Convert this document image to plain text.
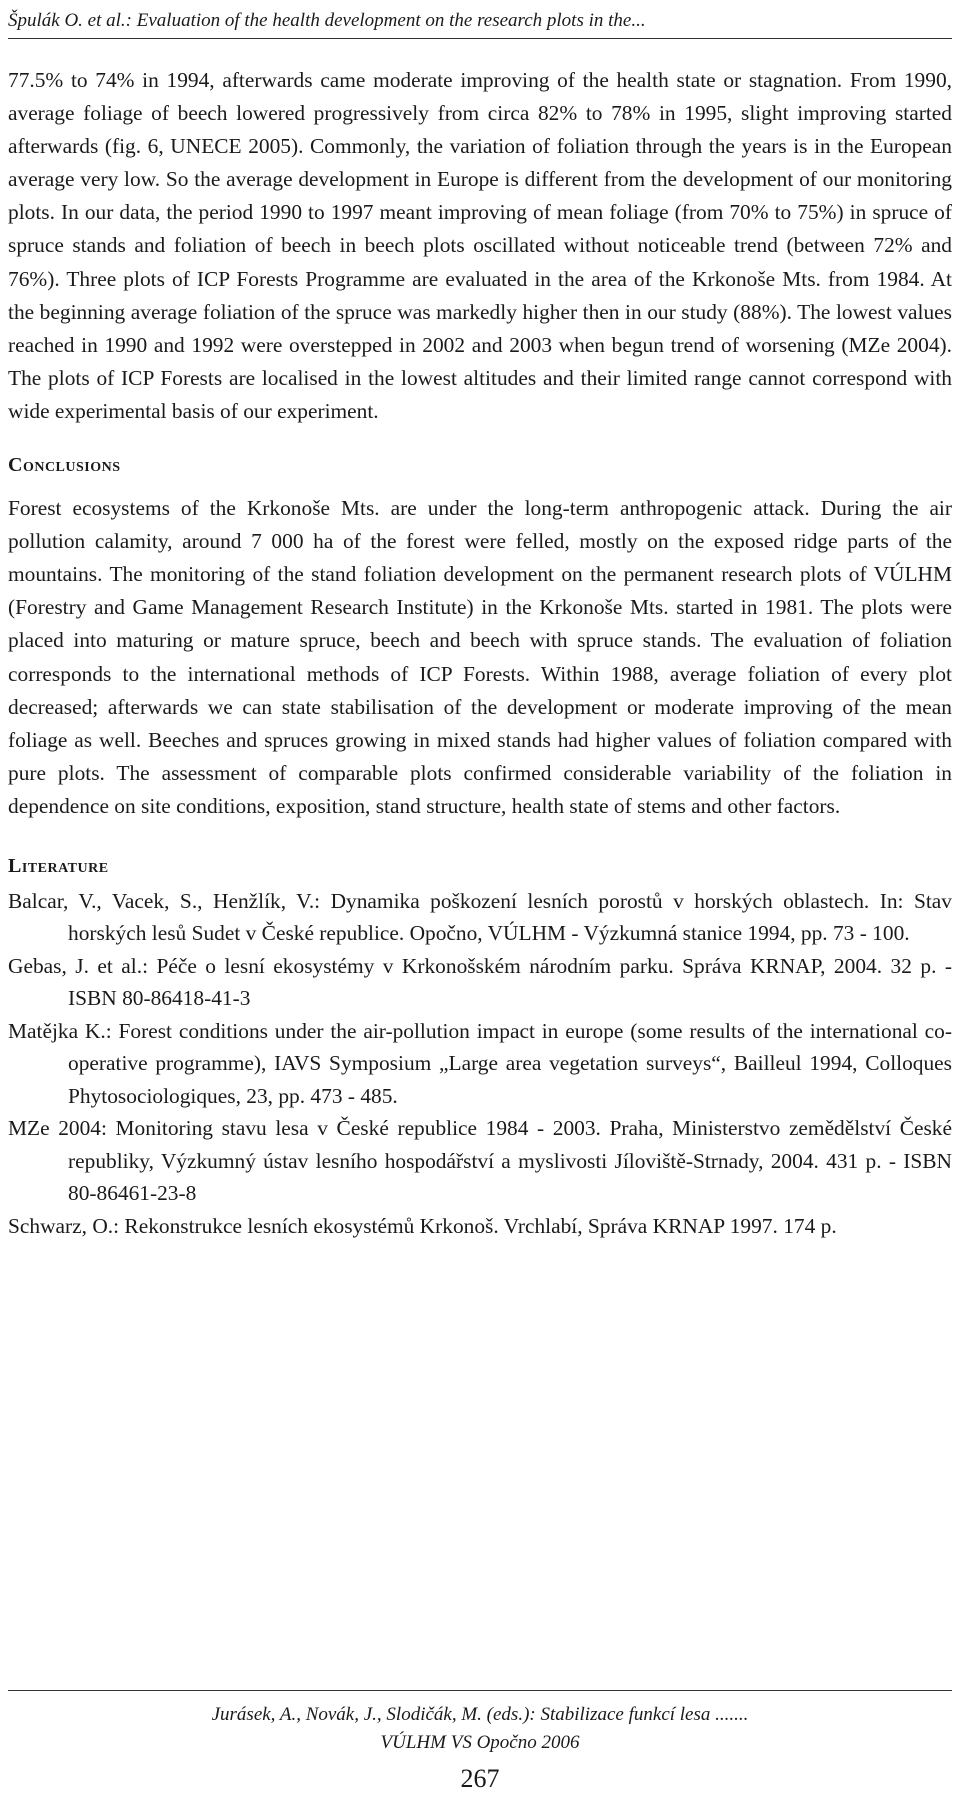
Špulák O. et al.: Evaluation of the health development on the research plots in the...

77.5% to 74% in 1994, afterwards came moderate improving of the health state or stagnation. From 1990, average foliage of beech lowered progressively from circa 82% to 78% in 1995, slight improving started afterwards (fig. 6, UNECE 2005). Commonly, the variation of foliation through the years is in the European average very low. So the average development in Europe is different from the development of our monitoring plots. In our data, the period 1990 to 1997 meant improving of mean foliage (from 70% to 75%) in spruce of spruce stands and foliation of beech in beech plots oscillated without noticeable trend (between 72% and 76%). Three plots of ICP Forests Programme are evaluated in the area of the Krkonoše Mts. from 1984. At the beginning average foliation of the spruce was markedly higher then in our study (88%). The lowest values reached in 1990 and 1992 were overstepped in 2002 and 2003 when begun trend of worsening (MZe 2004). The plots of ICP Forests are localised in the lowest altitudes and their limited range cannot correspond with wide experimental basis of our experiment.

Conclusions

Forest ecosystems of the Krkonoše Mts. are under the long-term anthropogenic attack. During the air pollution calamity, around 7 000 ha of the forest were felled, mostly on the exposed ridge parts of the mountains. The monitoring of the stand foliation development on the permanent research plots of VÚLHM (Forestry and Game Management Research Institute) in the Krkonoše Mts. started in 1981. The plots were placed into maturing or mature spruce, beech and beech with spruce stands. The evaluation of foliation corresponds to the international methods of ICP Forests. Within 1988, average foliation of every plot decreased; afterwards we can state stabilisation of the development or moderate improving of the mean foliage as well. Beeches and spruces growing in mixed stands had higher values of foliation compared with pure plots. The assessment of comparable plots confirmed considerable variability of the foliation in dependence on site conditions, exposition, stand structure, health state of stems and other factors.

Literature

Balcar, V., Vacek, S., Henžlík, V.: Dynamika poškození lesních porostů v horských oblastech. In: Stav horských lesů Sudet v České republice. Opočno, VÚLHM - Výzkumná stanice 1994, pp. 73 - 100.

Gebas, J. et al.: Péče o lesní ekosystémy v Krkonošském národním parku. Správa KRNAP, 2004. 32 p. - ISBN 80-86418-41-3

Matějka K.: Forest conditions under the air-pollution impact in europe (some results of the international co-operative programme), IAVS Symposium „Large area vegetation surveys“, Bailleul 1994, Colloques Phytosociologiques, 23, pp. 473 - 485.

MZe 2004: Monitoring stavu lesa v České republice 1984 - 2003. Praha, Ministerstvo zemědělství České republiky, Výzkumný ústav lesního hospodářství a myslivosti Jíloviště-Strnady, 2004. 431 p. - ISBN 80-86461-23-8

Schwarz, O.: Rekonstrukce lesních ekosystémů Krkonoš. Vrchlabí, Správa KRNAP 1997. 174 p.

Jurásek, A., Novák, J., Slodičák, M. (eds.): Stabilizace funkcí lesa .......
VÚLHM VS Opočno 2006
267
